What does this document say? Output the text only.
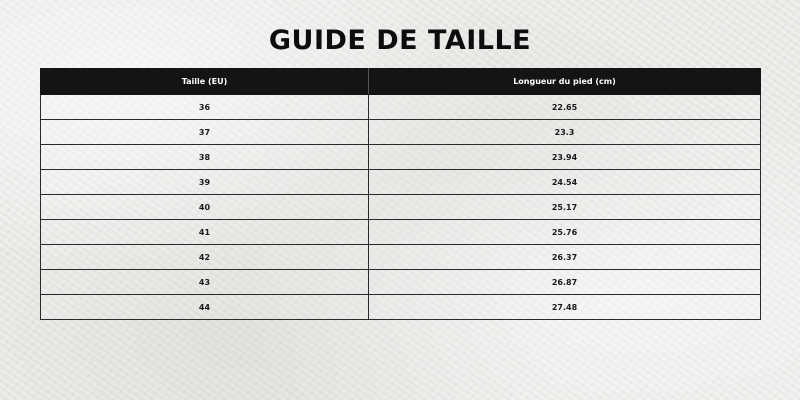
GUIDE DE TAILLE
Taille (EU)	Longueur du pied (cm)
36	22.65
37	23.3
38	23.94
39	24.54
40	25.17
41	25.76
42	26.37
43	26.87
44	27.48
